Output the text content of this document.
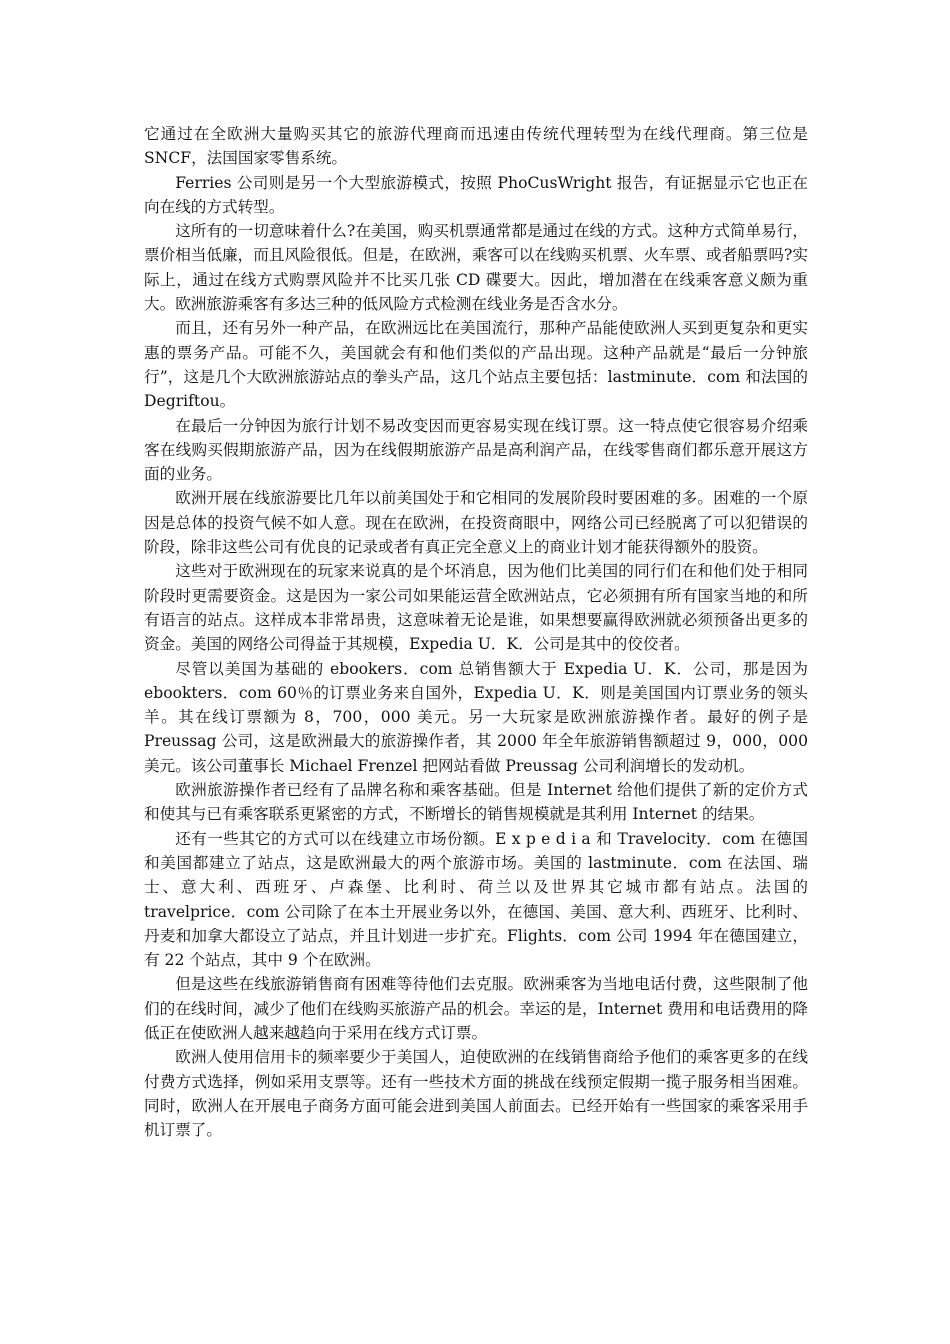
它通过在全欧洲大量购买其它的旅游代理商而迅速由传统代理转型为在线代理商。第三位是 SNCF，法国国家零售系统。

Ferries 公司则是另一个大型旅游模式，按照 PhoCusWright 报告，有证据显示它也正在向在线的方式转型。

这所有的一切意味着什么?在美国，购买机票通常都是通过在线的方式。这种方式简单易行，票价相当低廉，而且风险很低。但是，在欧洲，乘客可以在线购买机票、火车票、或者船票吗?实际上，通过在线方式购票风险并不比买几张 CD 碟要大。因此，增加潜在在线乘客意义颇为重大。欧洲旅游乘客有多达三种的低风险方式检测在线业务是否含水分。

而且，还有另外一种产品，在欧洲远比在美国流行，那种产品能使欧洲人买到更复杂和更实惠的票务产品。可能不久，美国就会有和他们类似的产品出现。这种产品就是“最后一分钟旅行”，这是几个大欧洲旅游站点的拳头产品，这几个站点主要包括：lastminute．com 和法国的 Degriftou。

在最后一分钟因为旅行计划不易改变因而更容易实现在线订票。这一特点使它很容易介绍乘客在线购买假期旅游产品，因为在线假期旅游产品是高利润产品，在线零售商们都乐意开展这方面的业务。

欧洲开展在线旅游要比几年以前美国处于和它相同的发展阶段时要困难的多。困难的一个原因是总体的投资气候不如人意。现在在欧洲，在投资商眼中，网络公司已经脱离了可以犯错误的阶段，除非这些公司有优良的记录或者有真正完全意义上的商业计划才能获得额外的股资。

这些对于欧洲现在的玩家来说真的是个坏消息，因为他们比美国的同行们在和他们处于相同阶段时更需要资金。这是因为一家公司如果能运营全欧洲站点，它必须拥有所有国家当地的和所有语言的站点。这样成本非常昂贵，这意味着无论是谁，如果想要赢得欧洲就必须预备出更多的资金。美国的网络公司得益于其规模，Expedia U．K．公司是其中的佼佼者。

尽管以美国为基础的 ebookers．com 总销售额大于 Expedia U．K．公司，那是因为 ebookters．com 60％的订票业务来自国外，Expedia U．K．则是美国国内订票业务的领头羊。其在线订票额为 8，700，000 美元。另一大玩家是欧洲旅游操作者。最好的例子是 Preussag 公司，这是欧洲最大的旅游操作者，其 2000 年全年旅游销售额超过 9，000，000 美元。该公司董事长 Michael Frenzel 把网站看做 Preussag 公司利润增长的发动机。

欧洲旅游操作者已经有了品牌名称和乘客基础。但是 Internet 给他们提供了新的定价方式和使其与已有乘客联系更紧密的方式，不断增长的销售规模就是其利用 Internet 的结果。

还有一些其它的方式可以在线建立市场份额。E x p e d i a 和 Travelocity．com 在德国和美国都建立了站点，这是欧洲最大的两个旅游市场。美国的 lastminute．com 在法国、瑞士、意大利、西班牙、卢森堡、比利时、荷兰以及世界其它城市都有站点。法国的 travelprice．com 公司除了在本土开展业务以外，在德国、美国、意大利、西班牙、比利时、丹麦和加拿大都设立了站点，并且计划进一步扩充。Flights．com 公司 1994 年在德国建立，有 22 个站点，其中 9 个在欧洲。

但是这些在线旅游销售商有困难等待他们去克服。欧洲乘客为当地电话付费，这些限制了他们的在线时间，减少了他们在线购买旅游产品的机会。幸运的是，Internet 费用和电话费用的降低正在使欧洲人越来越趋向于采用在线方式订票。

欧洲人使用信用卡的频率要少于美国人，迫使欧洲的在线销售商给予他们的乘客更多的在线付费方式选择，例如采用支票等。还有一些技术方面的挑战在线预定假期一揽子服务相当困难。同时，欧洲人在开展电子商务方面可能会进到美国人前面去。已经开始有一些国家的乘客采用手机订票了。
